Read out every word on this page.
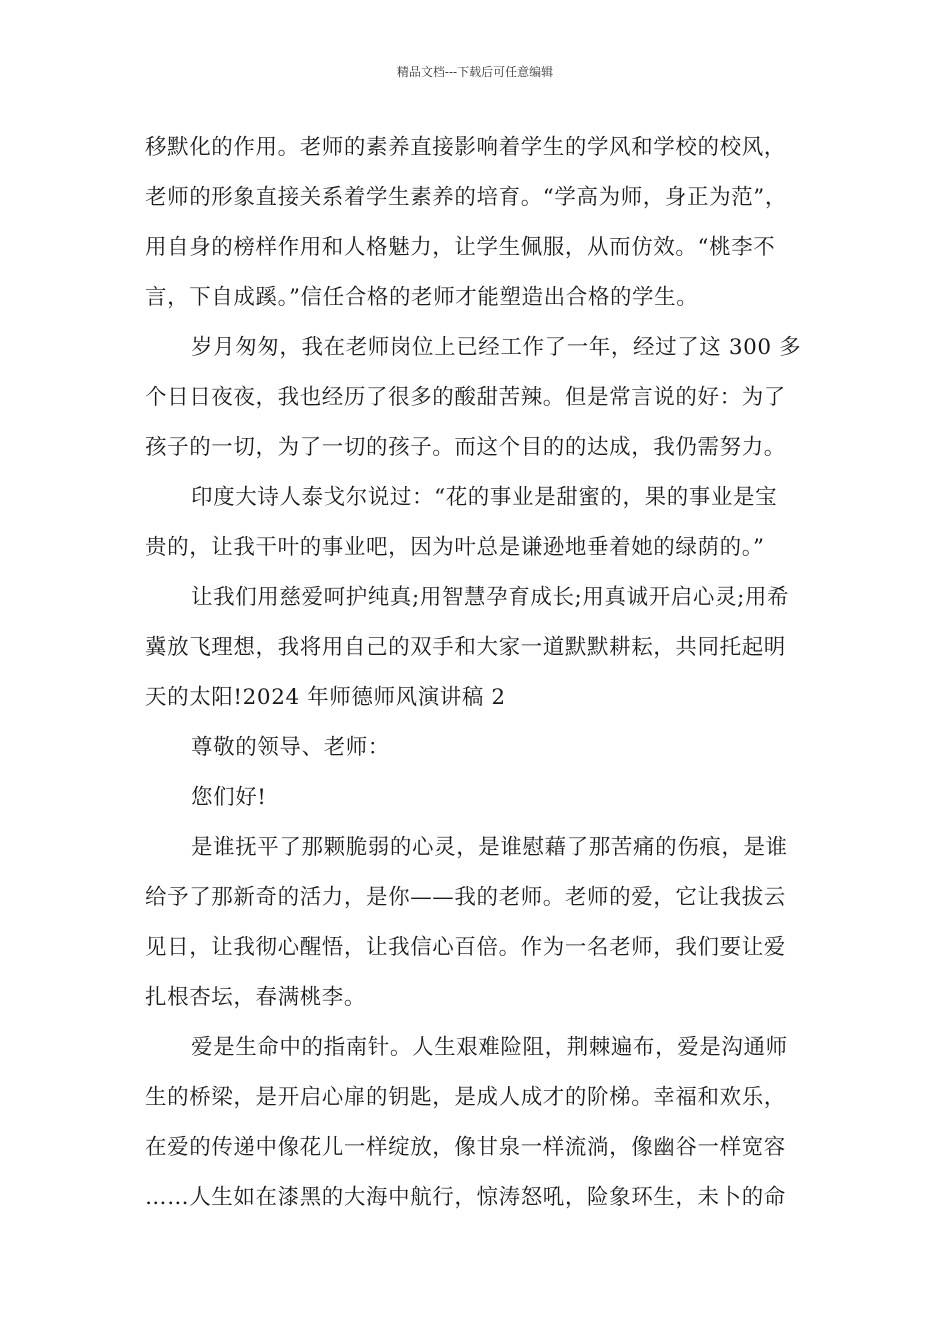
精品文档---下载后可任意编辑

移默化的作用。老师的素养直接影响着学生的学风和学校的校风，
老师的形象直接关系着学生素养的培育。“学高为师，身正为范”，
用自身的榜样作用和人格魅力，让学生佩服，从而仿效。“桃李不
言，下自成蹊。”信任合格的老师才能塑造出合格的学生。

岁月匆匆，我在老师岗位上已经工作了一年，经过了这 300 多
个日日夜夜，我也经历了很多的酸甜苦辣。但是常言说的好：为了
孩子的一切，为了一切的孩子。而这个目的的达成，我仍需努力。

印度大诗人泰戈尔说过：“花的事业是甜蜜的，果的事业是宝
贵的，让我干叶的事业吧，因为叶总是谦逊地垂着她的绿荫的。”

让我们用慈爱呵护纯真;用智慧孕育成长;用真诚开启心灵;用希
冀放飞理想，我将用自己的双手和大家一道默默耕耘，共同托起明
天的太阳!2024 年师德师风演讲稿 2

尊敬的领导、老师：

您们好!

是谁抚平了那颗脆弱的心灵，是谁慰藉了那苦痛的伤痕，是谁
给予了那新奇的活力，是你——我的老师。老师的爱，它让我拔云
见日，让我彻心醒悟，让我信心百倍。作为一名老师，我们要让爱
扎根杏坛，春满桃李。

爱是生命中的指南针。人生艰难险阻，荆棘遍布，爱是沟通师
生的桥梁，是开启心扉的钥匙，是成人成才的阶梯。幸福和欢乐，
在爱的传递中像花儿一样绽放，像甘泉一样流淌，像幽谷一样宽容
……人生如在漆黑的大海中航行，惊涛怒吼，险象环生，未卜的命
